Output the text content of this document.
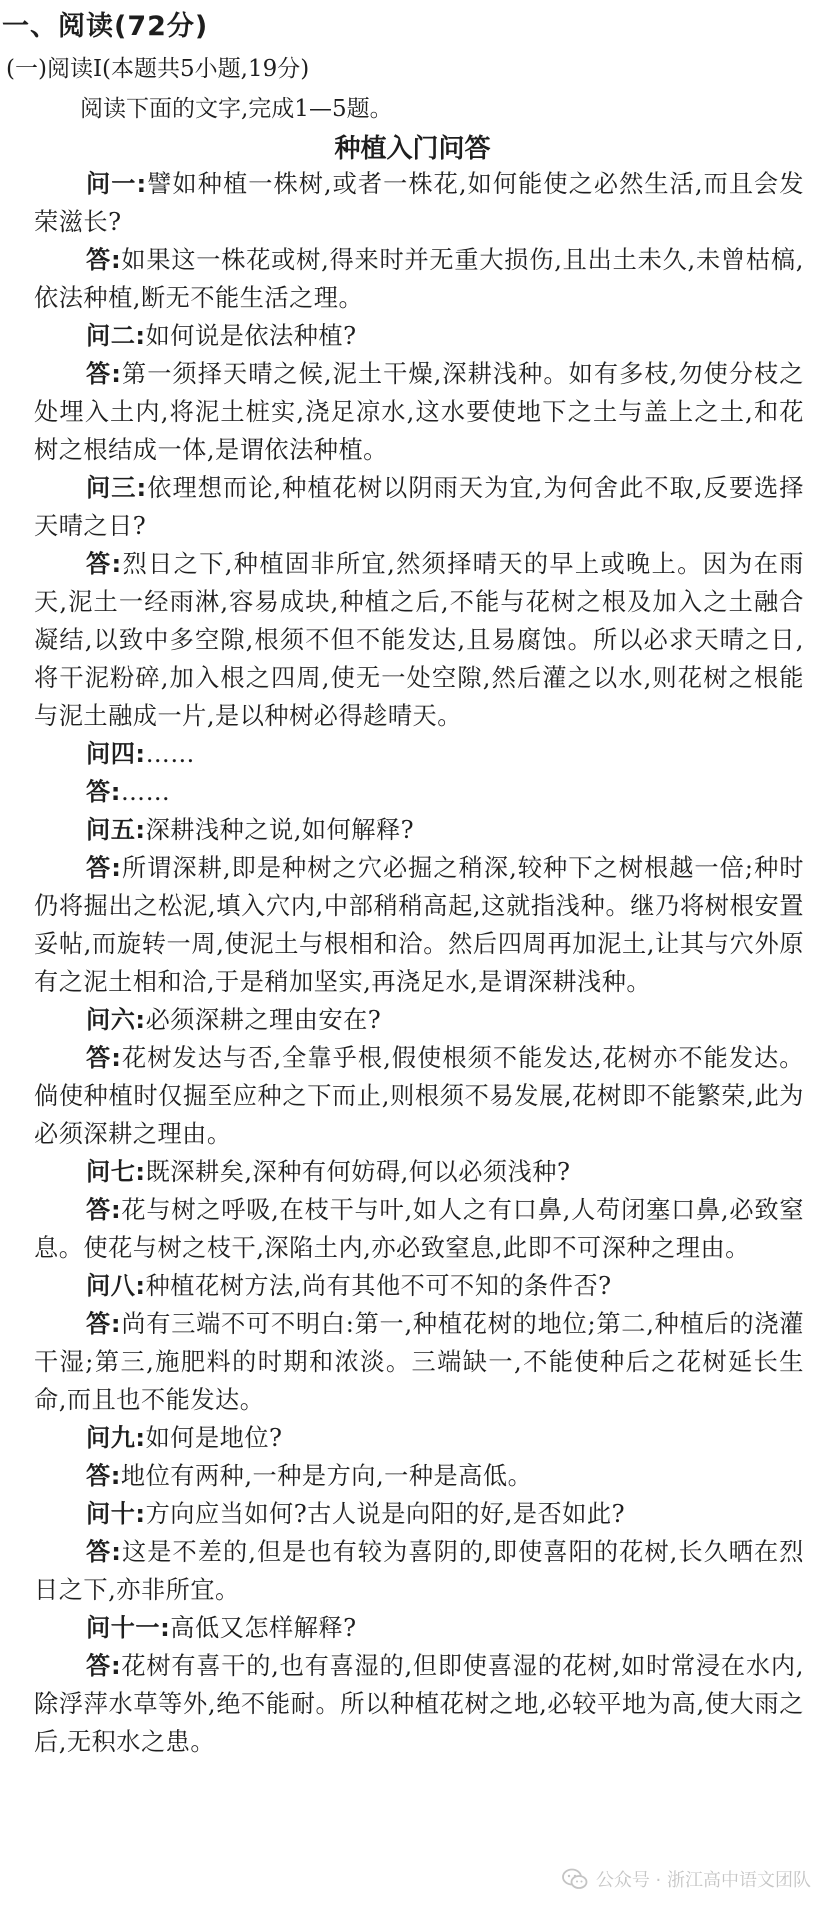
一、阅读(72分)
(一)阅读Ⅰ(本题共5小题,19分)
阅读下面的文字,完成1—5题。
种植入门问答

问一:譬如种植一株树,或者一株花,如何能使之必然生活,而且会发荣滋长?

答:如果这一株花或树,得来时并无重大损伤,且出土未久,未曾枯槁,依法种植,断无不能生活之理。

问二:如何说是依法种植?

答:第一须择天晴之候,泥土干燥,深耕浅种。如有多枝,勿使分枝之处埋入土内,将泥土桩实,浇足凉水,这水要使地下之土与盖上之土,和花树之根结成一体,是谓依法种植。

问三:依理想而论,种植花树以阴雨天为宜,为何舍此不取,反要选择天晴之日?

答:烈日之下,种植固非所宜,然须择晴天的早上或晚上。因为在雨天,泥土一经雨淋,容易成块,种植之后,不能与花树之根及加入之土融合凝结,以致中多空隙,根须不但不能发达,且易腐蚀。所以必求天晴之日,将干泥粉碎,加入根之四周,使无一处空隙,然后灌之以水,则花树之根能与泥土融成一片,是以种树必得趁晴天。

问四:……

答:……

问五:深耕浅种之说,如何解释?

答:所谓深耕,即是种树之穴必掘之稍深,较种下之树根越一倍;种时仍将掘出之松泥,填入穴内,中部稍稍高起,这就指浅种。继乃将树根安置妥帖,而旋转一周,使泥土与根相和洽。然后四周再加泥土,让其与穴外原有之泥土相和洽,于是稍加坚实,再浇足水,是谓深耕浅种。

问六:必须深耕之理由安在?

答:花树发达与否,全靠乎根,假使根须不能发达,花树亦不能发达。倘使种植时仅掘至应种之下而止,则根须不易发展,花树即不能繁荣,此为必须深耕之理由。

问七:既深耕矣,深种有何妨碍,何以必须浅种?

答:花与树之呼吸,在枝干与叶,如人之有口鼻,人苟闭塞口鼻,必致窒息。使花与树之枝干,深陷土内,亦必致窒息,此即不可深种之理由。

问八:种植花树方法,尚有其他不可不知的条件否?

答:尚有三端不可不明白:第一,种植花树的地位;第二,种植后的浇灌干湿;第三,施肥料的时期和浓淡。三端缺一,不能使种后之花树延长生命,而且也不能发达。

问九:如何是地位?

答:地位有两种,一种是方向,一种是高低。

问十:方向应当如何?古人说是向阳的好,是否如此?

答:这是不差的,但是也有较为喜阴的,即使喜阳的花树,长久晒在烈日之下,亦非所宜。

问十一:高低又怎样解释?

答:花树有喜干的,也有喜湿的,但即使喜湿的花树,如时常浸在水内,除浮萍水草等外,绝不能耐。所以种植花树之地,必较平地为高,使大雨之后,无积水之患。

公众号 · 浙江高中语文团队
